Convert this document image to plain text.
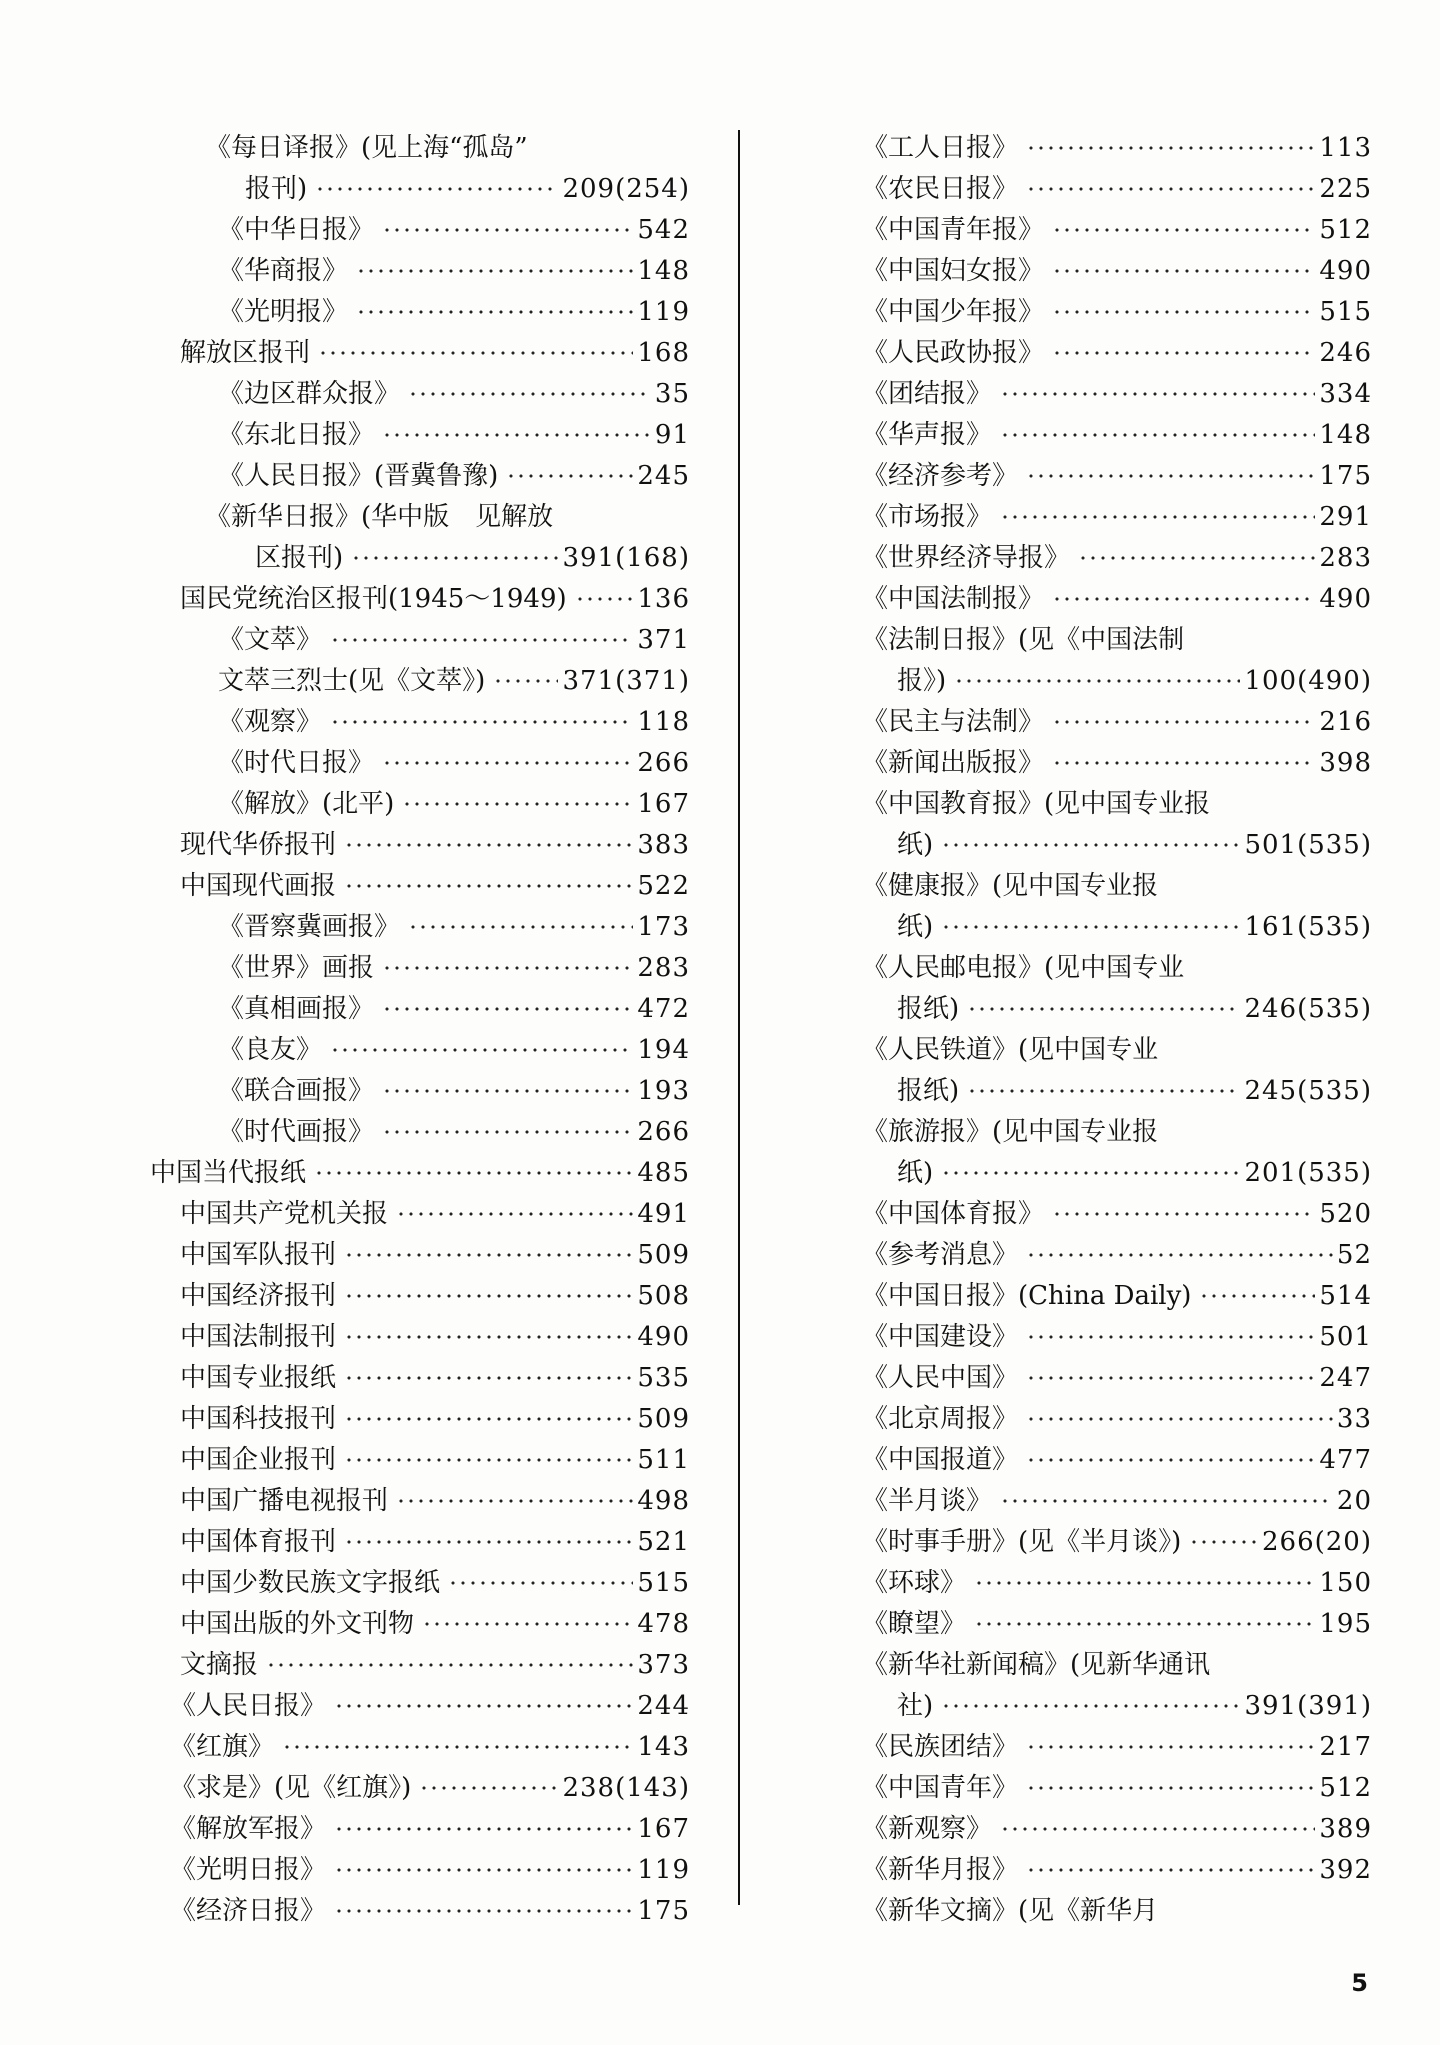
《每日译报》(见上海“孤岛”
报刊)	209(254)
《中华日报》	542
《华商报》	148
《光明报》	119
解放区报刊	168
《边区群众报》	35
《东北日报》	91
《人民日报》(晋冀鲁豫)	245
《新华日报》(华中版　见解放
区报刊)	391(168)
国民党统治区报刊(1945～1949)	136
《文萃》	371
文萃三烈士(见《文萃》)	371(371)
《观察》	118
《时代日报》	266
《解放》(北平)	167
现代华侨报刊	383
中国现代画报	522
《晋察冀画报》	173
《世界》画报	283
《真相画报》	472
《良友》	194
《联合画报》	193
《时代画报》	266
中国当代报纸	485
中国共产党机关报	491
中国军队报刊	509
中国经济报刊	508
中国法制报刊	490
中国专业报纸	535
中国科技报刊	509
中国企业报刊	511
中国广播电视报刊	498
中国体育报刊	521
中国少数民族文字报纸	515
中国出版的外文刊物	478
文摘报	373
《人民日报》	244
《红旗》	143
《求是》(见《红旗》)	238(143)
《解放军报》	167
《光明日报》	119
《经济日报》	175
《工人日报》	113
《农民日报》	225
《中国青年报》	512
《中国妇女报》	490
《中国少年报》	515
《人民政协报》	246
《团结报》	334
《华声报》	148
《经济参考》	175
《市场报》	291
《世界经济导报》	283
《中国法制报》	490
《法制日报》(见《中国法制
报》)	100(490)
《民主与法制》	216
《新闻出版报》	398
《中国教育报》(见中国专业报
纸)	501(535)
《健康报》(见中国专业报
纸)	161(535)
《人民邮电报》(见中国专业
报纸)	246(535)
《人民铁道》(见中国专业
报纸)	245(535)
《旅游报》(见中国专业报
纸)	201(535)
《中国体育报》	520
《参考消息》	52
《中国日报》(China Daily)	514
《中国建设》	501
《人民中国》	247
《北京周报》	33
《中国报道》	477
《半月谈》	20
《时事手册》(见《半月谈》)	266(20)
《环球》	150
《瞭望》	195
《新华社新闻稿》(见新华通讯
社)	391(391)
《民族团结》	217
《中国青年》	512
《新观察》	389
《新华月报》	392
《新华文摘》(见《新华月
5
